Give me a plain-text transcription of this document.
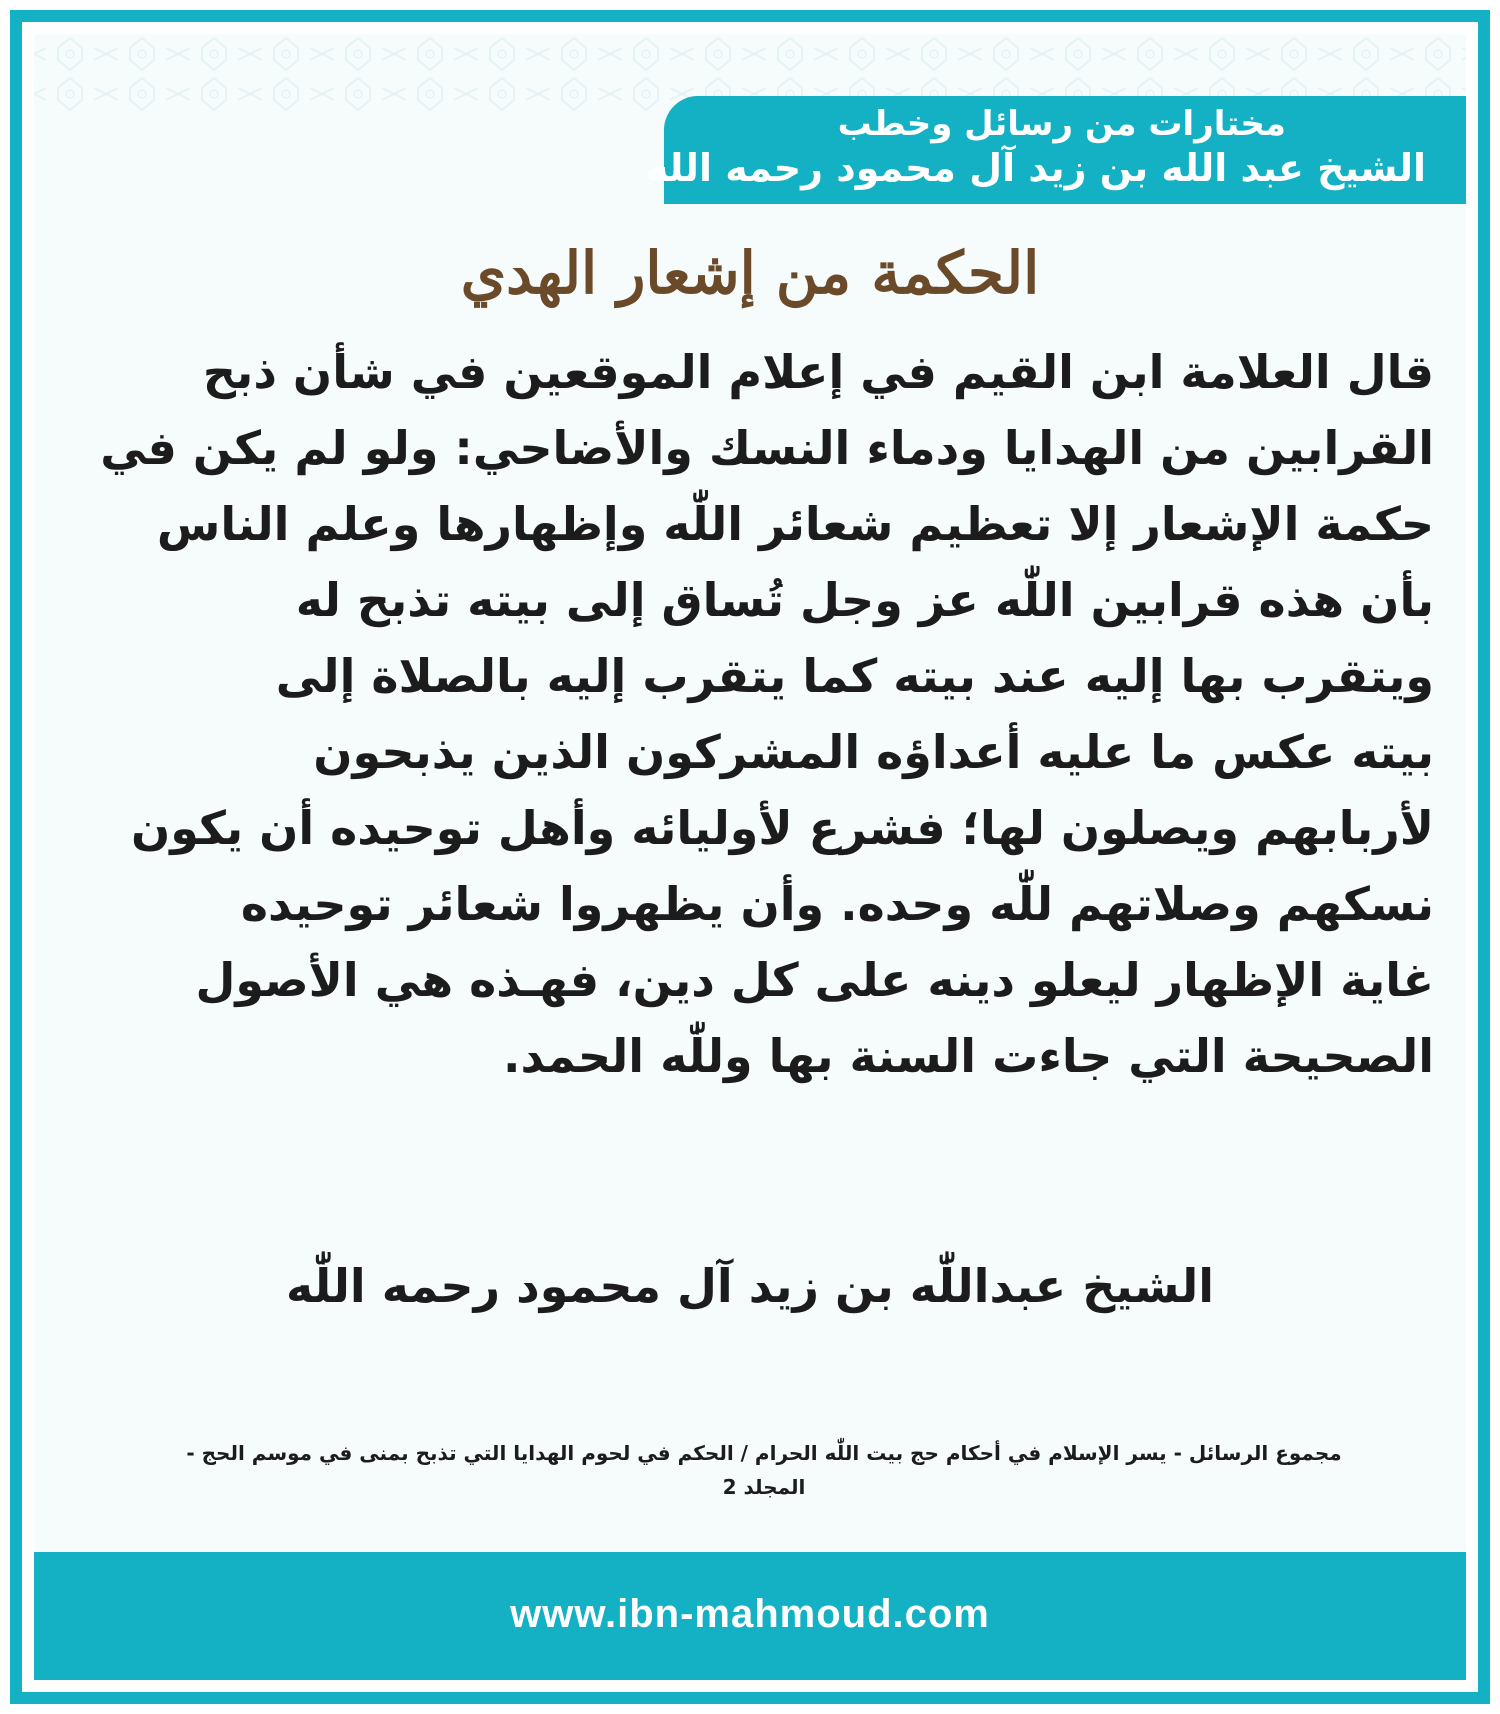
مختارات من رسائل وخطب
الشيخ عبد الله بن زيد آل محمود رحمه الله
الحكمة من إشعار الهدي
قال العلامة ابن القيم في إعلام الموقعين في شأن ذبح
القرابين من الهدايا ودماء النسك والأضاحي: ولو لم يكن في
حكمة الإشعار إلا تعظيم شعائر اللّٰه وإظهارها وعلم الناس
بأن هذه قرابين اللّٰه عز وجل تُساق إلى بيته تذبح له
ويتقرب بها إليه عند بيته كما يتقرب إليه بالصلاة إلى
بيته عكس ما عليه أعداؤه المشركون الذين يذبحون
لأربابهم ويصلون لها؛ فشرع لأوليائه وأهل توحيده أن يكون
نسكهم وصلاتهم للّٰه وحده. وأن يظهروا شعائر توحيده
غاية الإظهار ليعلو دينه على كل دين، فهـذه هي الأصول
الصحيحة التي جاءت السنة بها وللّٰه الحمد.
الشيخ عبداللّٰه بن زيد آل محمود رحمه اللّٰه
مجموع الرسائل - يسر الإسلام في أحكام حج بيت اللّٰه الحرام / الحكم في لحوم الهدايا التي تذبح بمنى في موسم الحج -
المجلد 2
www.ibn-mahmoud.com
